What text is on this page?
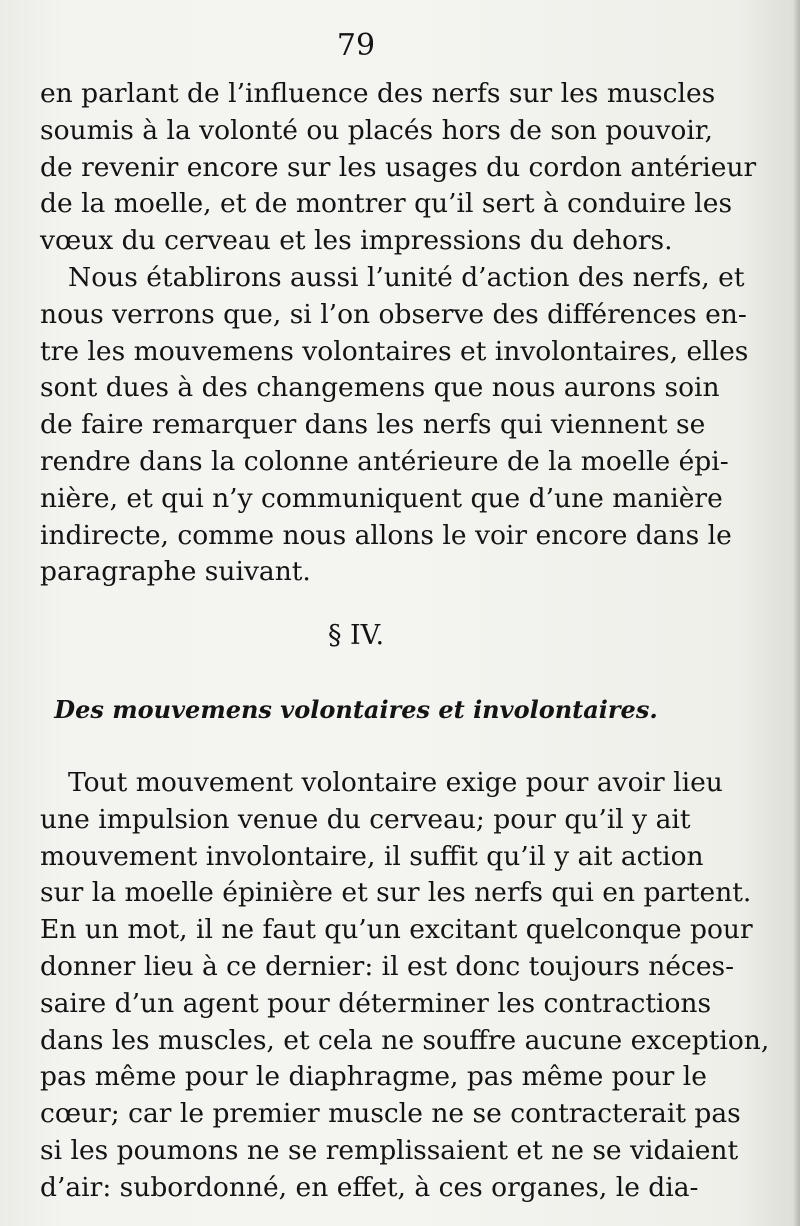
79
en parlant de l’influence des nerfs sur les muscles
soumis à la volonté ou placés hors de son pouvoir,
de revenir encore sur les usages du cordon antérieur
de la moelle, et de montrer qu’il sert à conduire les
vœux du cerveau et les impressions du dehors.
Nous établirons aussi l’unité d’action des nerfs, et
nous verrons que, si l’on observe des différences en-
tre les mouvemens volontaires et involontaires, elles
sont dues à des changemens que nous aurons soin
de faire remarquer dans les nerfs qui viennent se
rendre dans la colonne antérieure de la moelle épi-
nière, et qui n’y communiquent que d’une manière
indirecte, comme nous allons le voir encore dans le
paragraphe suivant.
§ IV.
Des mouvemens volontaires et involontaires.
Tout mouvement volontaire exige pour avoir lieu
une impulsion venue du cerveau; pour qu’il y ait
mouvement involontaire, il suffit qu’il y ait action
sur la moelle épinière et sur les nerfs qui en partent.
En un mot, il ne faut qu’un excitant quelconque pour
donner lieu à ce dernier: il est donc toujours néces-
saire d’un agent pour déterminer les contractions
dans les muscles, et cela ne souffre aucune exception,
pas même pour le diaphragme, pas même pour le
cœur; car le premier muscle ne se contracterait pas
si les poumons ne se remplissaient et ne se vidaient
d’air: subordonné, en effet, à ces organes, le dia-
